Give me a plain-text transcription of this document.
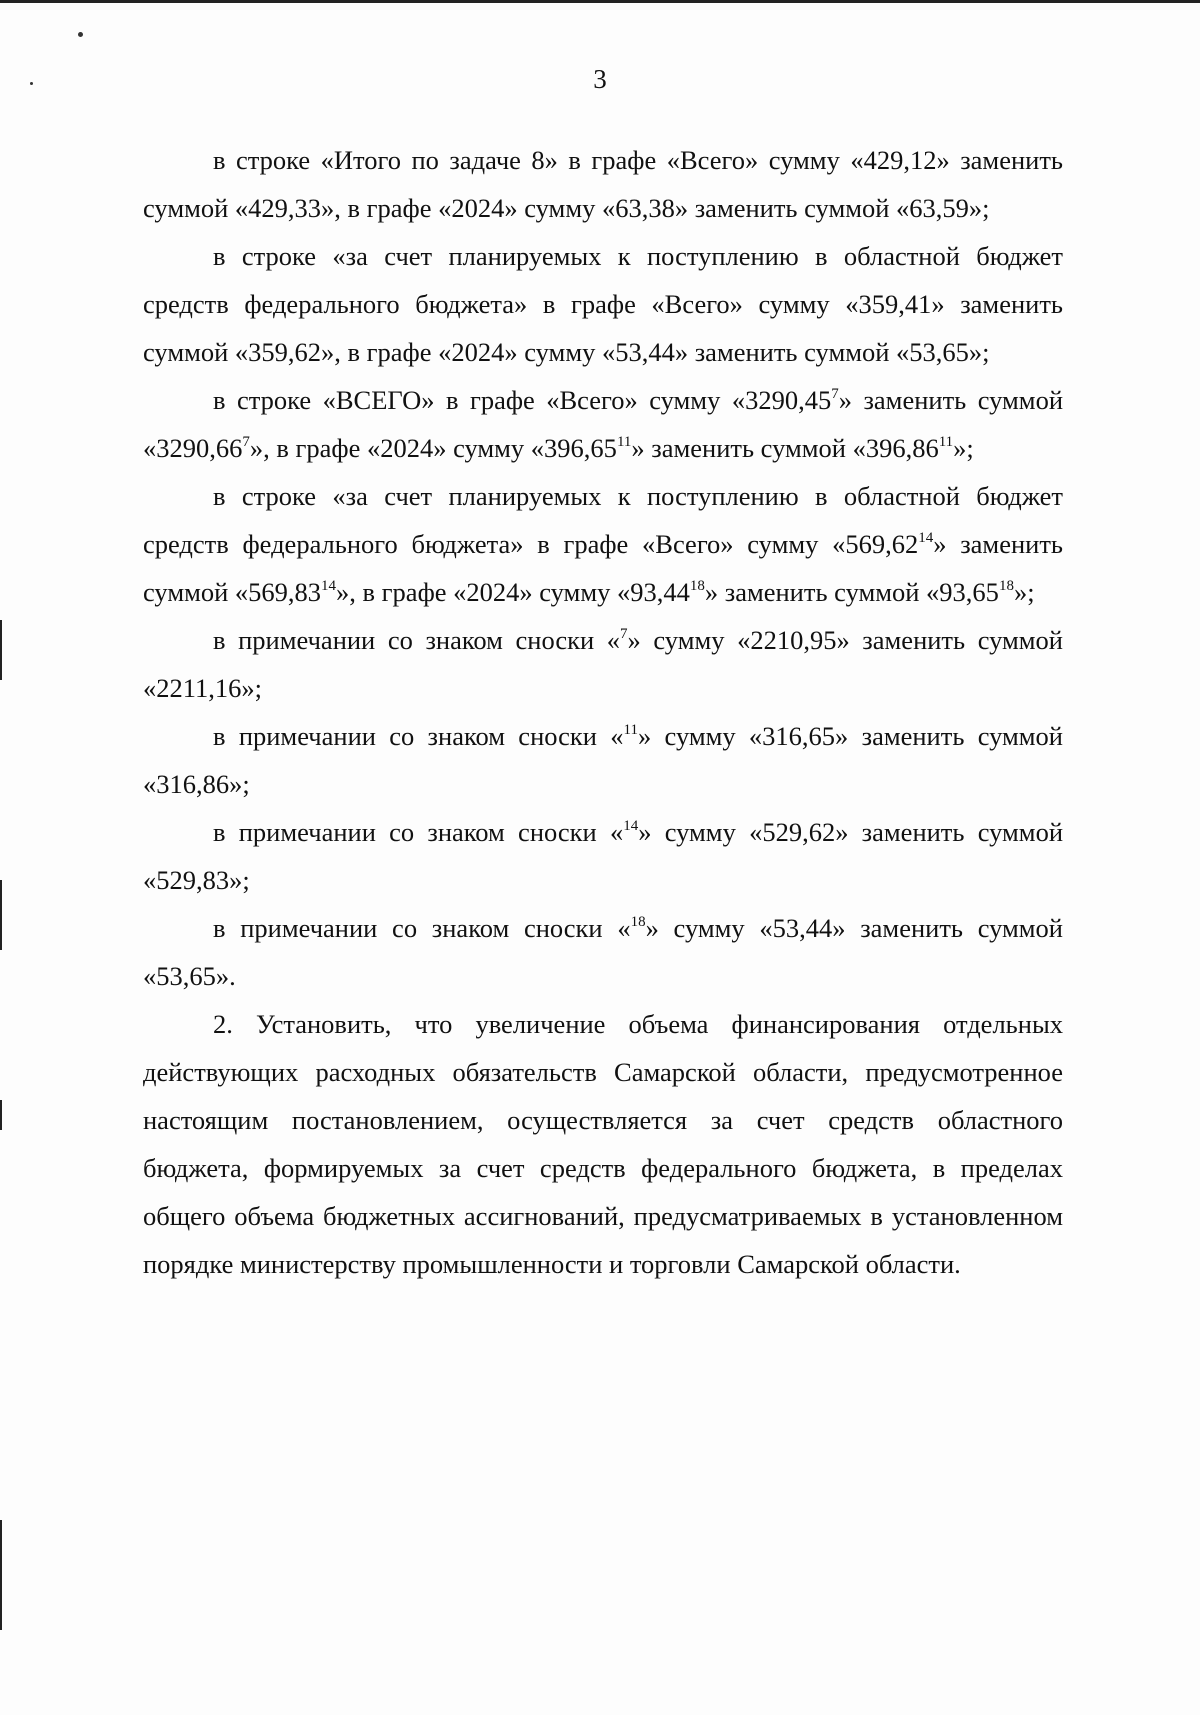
3

в строке «Итого по задаче 8» в графе «Всего» сумму «429,12» заменить суммой «429,33», в графе «2024» сумму «63,38» заменить суммой «63,59»;

в строке «за счет планируемых к поступлению в областной бюджет средств федерального бюджета» в графе «Всего» сумму «359,41» заменить суммой «359,62», в графе «2024» сумму «53,44» заменить суммой «53,65»;

в строке «ВСЕГО» в графе «Всего» сумму «3290,45$^7$» заменить суммой «3290,66$^7$», в графе «2024» сумму «396,65$^{11}$» заменить суммой «396,86$^{11}$»;

в строке «за счет планируемых к поступлению в областной бюджет средств федерального бюджета» в графе «Всего» сумму «569,62$^{14}$» заменить суммой «569,83$^{14}$», в графе «2024» сумму «93,44$^{18}$» заменить суммой «93,65$^{18}$»;

в примечании со знаком сноски «$^7$» сумму «2210,95» заменить суммой «2211,16»;

в примечании со знаком сноски «$^{11}$» сумму «316,65» заменить суммой «316,86»;

в примечании со знаком сноски «$^{14}$» сумму «529,62» заменить суммой «529,83»;

в примечании со знаком сноски «$^{18}$» сумму «53,44» заменить суммой «53,65».

2. Установить, что увеличение объема финансирования отдельных действующих расходных обязательств Самарской области, предусмотренное настоящим постановлением, осуществляется за счет средств областного бюджета, формируемых за счет средств федерального бюджета, в пределах общего объема бюджетных ассигнований, предусматриваемых в установленном порядке министерству промышленности и торговли Самарской области.
